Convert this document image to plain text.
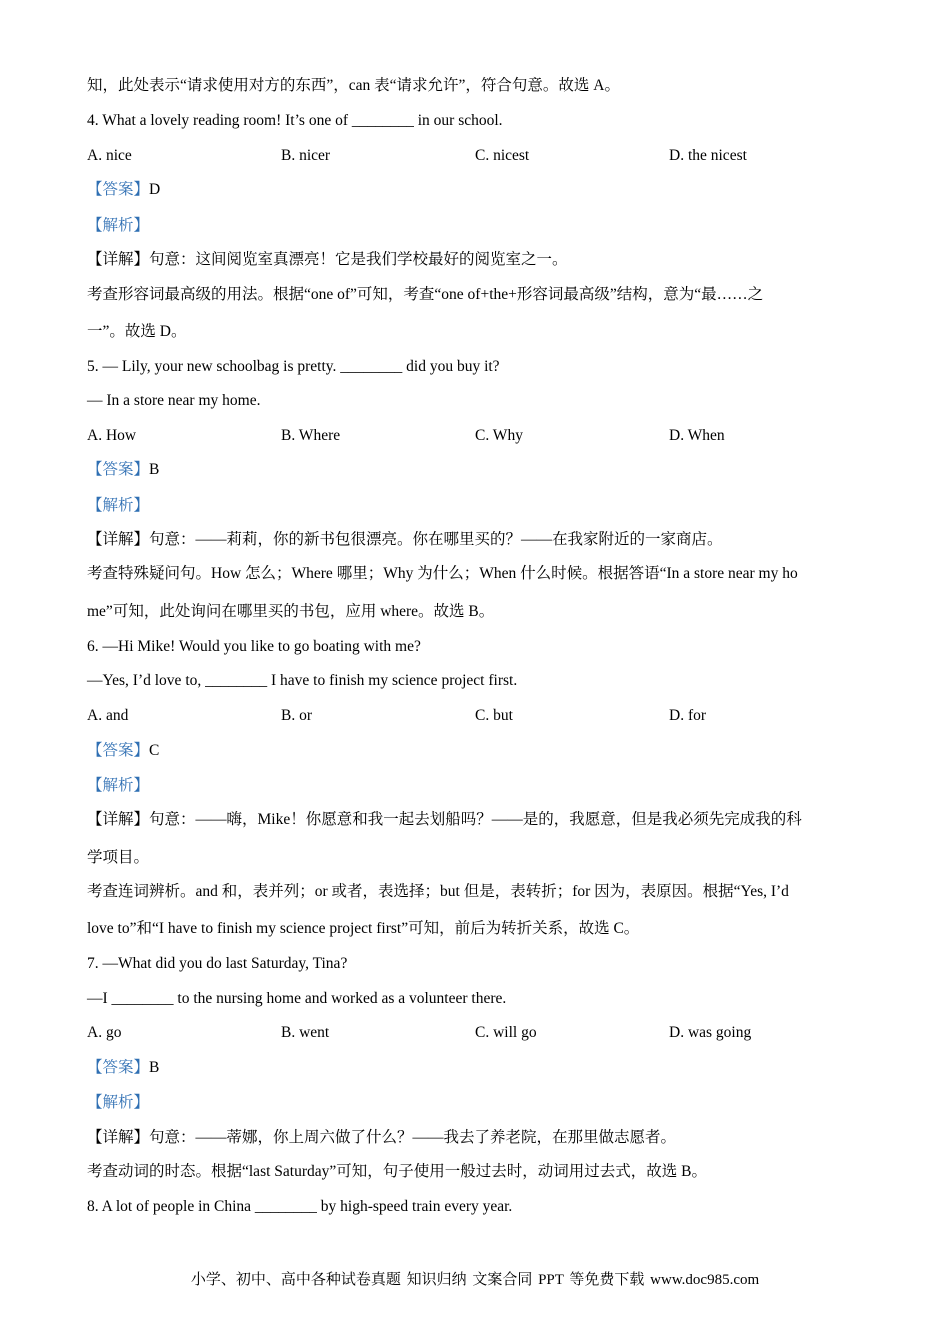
知，此处表示“请求使用对方的东西”，can 表“请求允许”，符合句意。故选 A。
4. What a lovely reading room! It’s one of ________ in our school.
A. nice	B. nicer	C. nicest	D. the nicest
【答案】D
【解析】
【详解】句意：这间阅览室真漂亮！它是我们学校最好的阅览室之一。
考查形容词最高级的用法。根据“one of”可知，考查“one of+the+形容词最高级”结构，意为“最……之
一”。故选 D。
5. — Lily, your new schoolbag is pretty. ________ did you buy it?
— In a store near my home.
A. How	B. Where	C. Why	D. When
【答案】B
【解析】
【详解】句意：——莉莉，你的新书包很漂亮。你在哪里买的？——在我家附近的一家商店。
考查特殊疑问句。How 怎么；Where 哪里；Why 为什么；When 什么时候。根据答语“In a store near my ho
me”可知，此处询问在哪里买的书包，应用 where。故选 B。
6. —Hi Mike! Would you like to go boating with me?
—Yes, I’d love to, ________ I have to finish my science project first.
A. and	B. or	C. but	D. for
【答案】C
【解析】
【详解】句意：——嗨，Mike！你愿意和我一起去划船吗？——是的，我愿意，但是我必须先完成我的科
学项目。
考查连词辨析。and 和，表并列；or 或者，表选择；but 但是，表转折；for 因为，表原因。根据“Yes, I’d
love to”和“I have to finish my science project first”可知，前后为转折关系，故选 C。
7. —What did you do last Saturday, Tina?
—I ________ to the nursing home and worked as a volunteer there.
A. go	B. went	C. will go	D. was going
【答案】B
【解析】
【详解】句意：——蒂娜，你上周六做了什么？——我去了养老院，在那里做志愿者。
考查动词的时态。根据“last Saturday”可知，句子使用一般过去时，动词用过去式，故选 B。
8. A lot of people in China ________ by high-speed train every year.
小学、初中、高中各种试卷真题 知识归纳 文案合同 PPT 等免费下载 www.doc985.com
